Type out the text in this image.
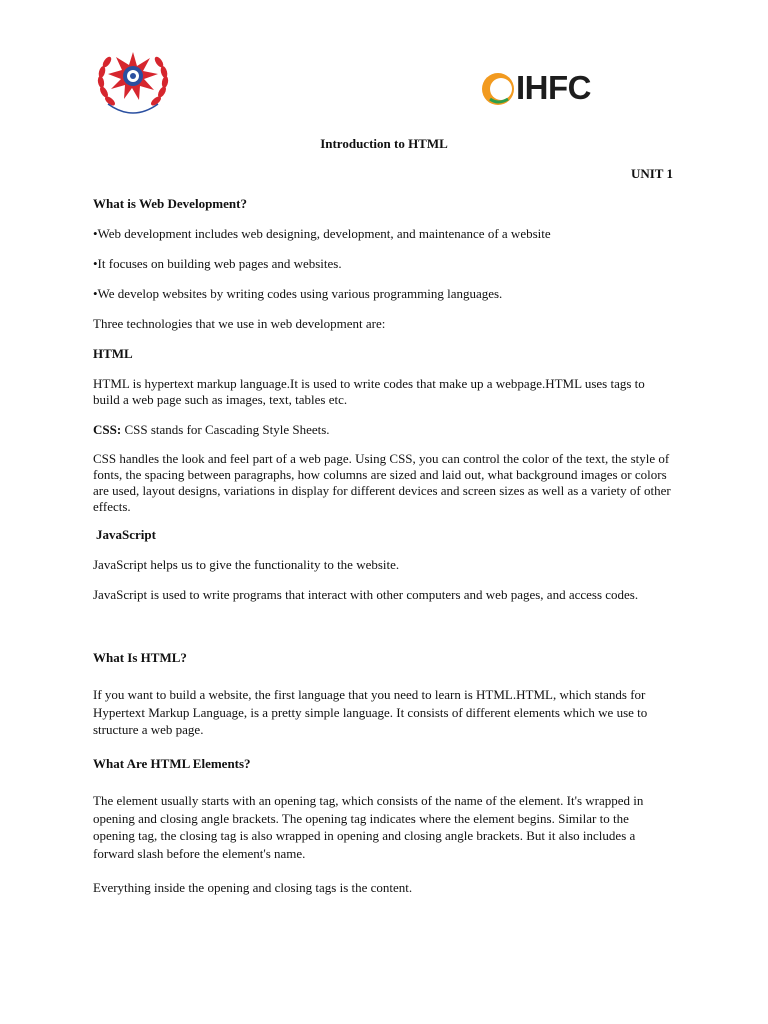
IHFC
Introduction to HTML
UNIT 1
What is Web Development?
•Web development includes web designing, development, and maintenance of a website
•It focuses on building web pages and websites.
•We develop websites by writing codes using various programming languages.
Three technologies that we use in web development are:
HTML
HTML is hypertext markup language.It is used to write codes that make up a webpage.HTML uses tags to build a web page such as images, text, tables etc.
CSS: CSS stands for Cascading Style Sheets.
CSS handles the look and feel part of a web page. Using CSS, you can control the color of the text, the style of fonts, the spacing between paragraphs, how columns are sized and laid out, what background images or colors are used, layout designs, variations in display for different devices and screen sizes as well as a variety of other effects.
JavaScript
JavaScript helps us to give the functionality to the website.
JavaScript is used to write programs that interact with other computers and web pages, and access codes.
What Is HTML?
If you want to build a website, the first language that you need to learn is HTML.HTML, which stands for Hypertext Markup Language, is a pretty simple language. It consists of different elements which we use to structure a web page.
What Are HTML Elements?
The element usually starts with an opening tag, which consists of the name of the element. It's wrapped in opening and closing angle brackets. The opening tag indicates where the element begins. Similar to the opening tag, the closing tag is also wrapped in opening and closing angle brackets. But it also includes a forward slash before the element's name.
Everything inside the opening and closing tags is the content.
